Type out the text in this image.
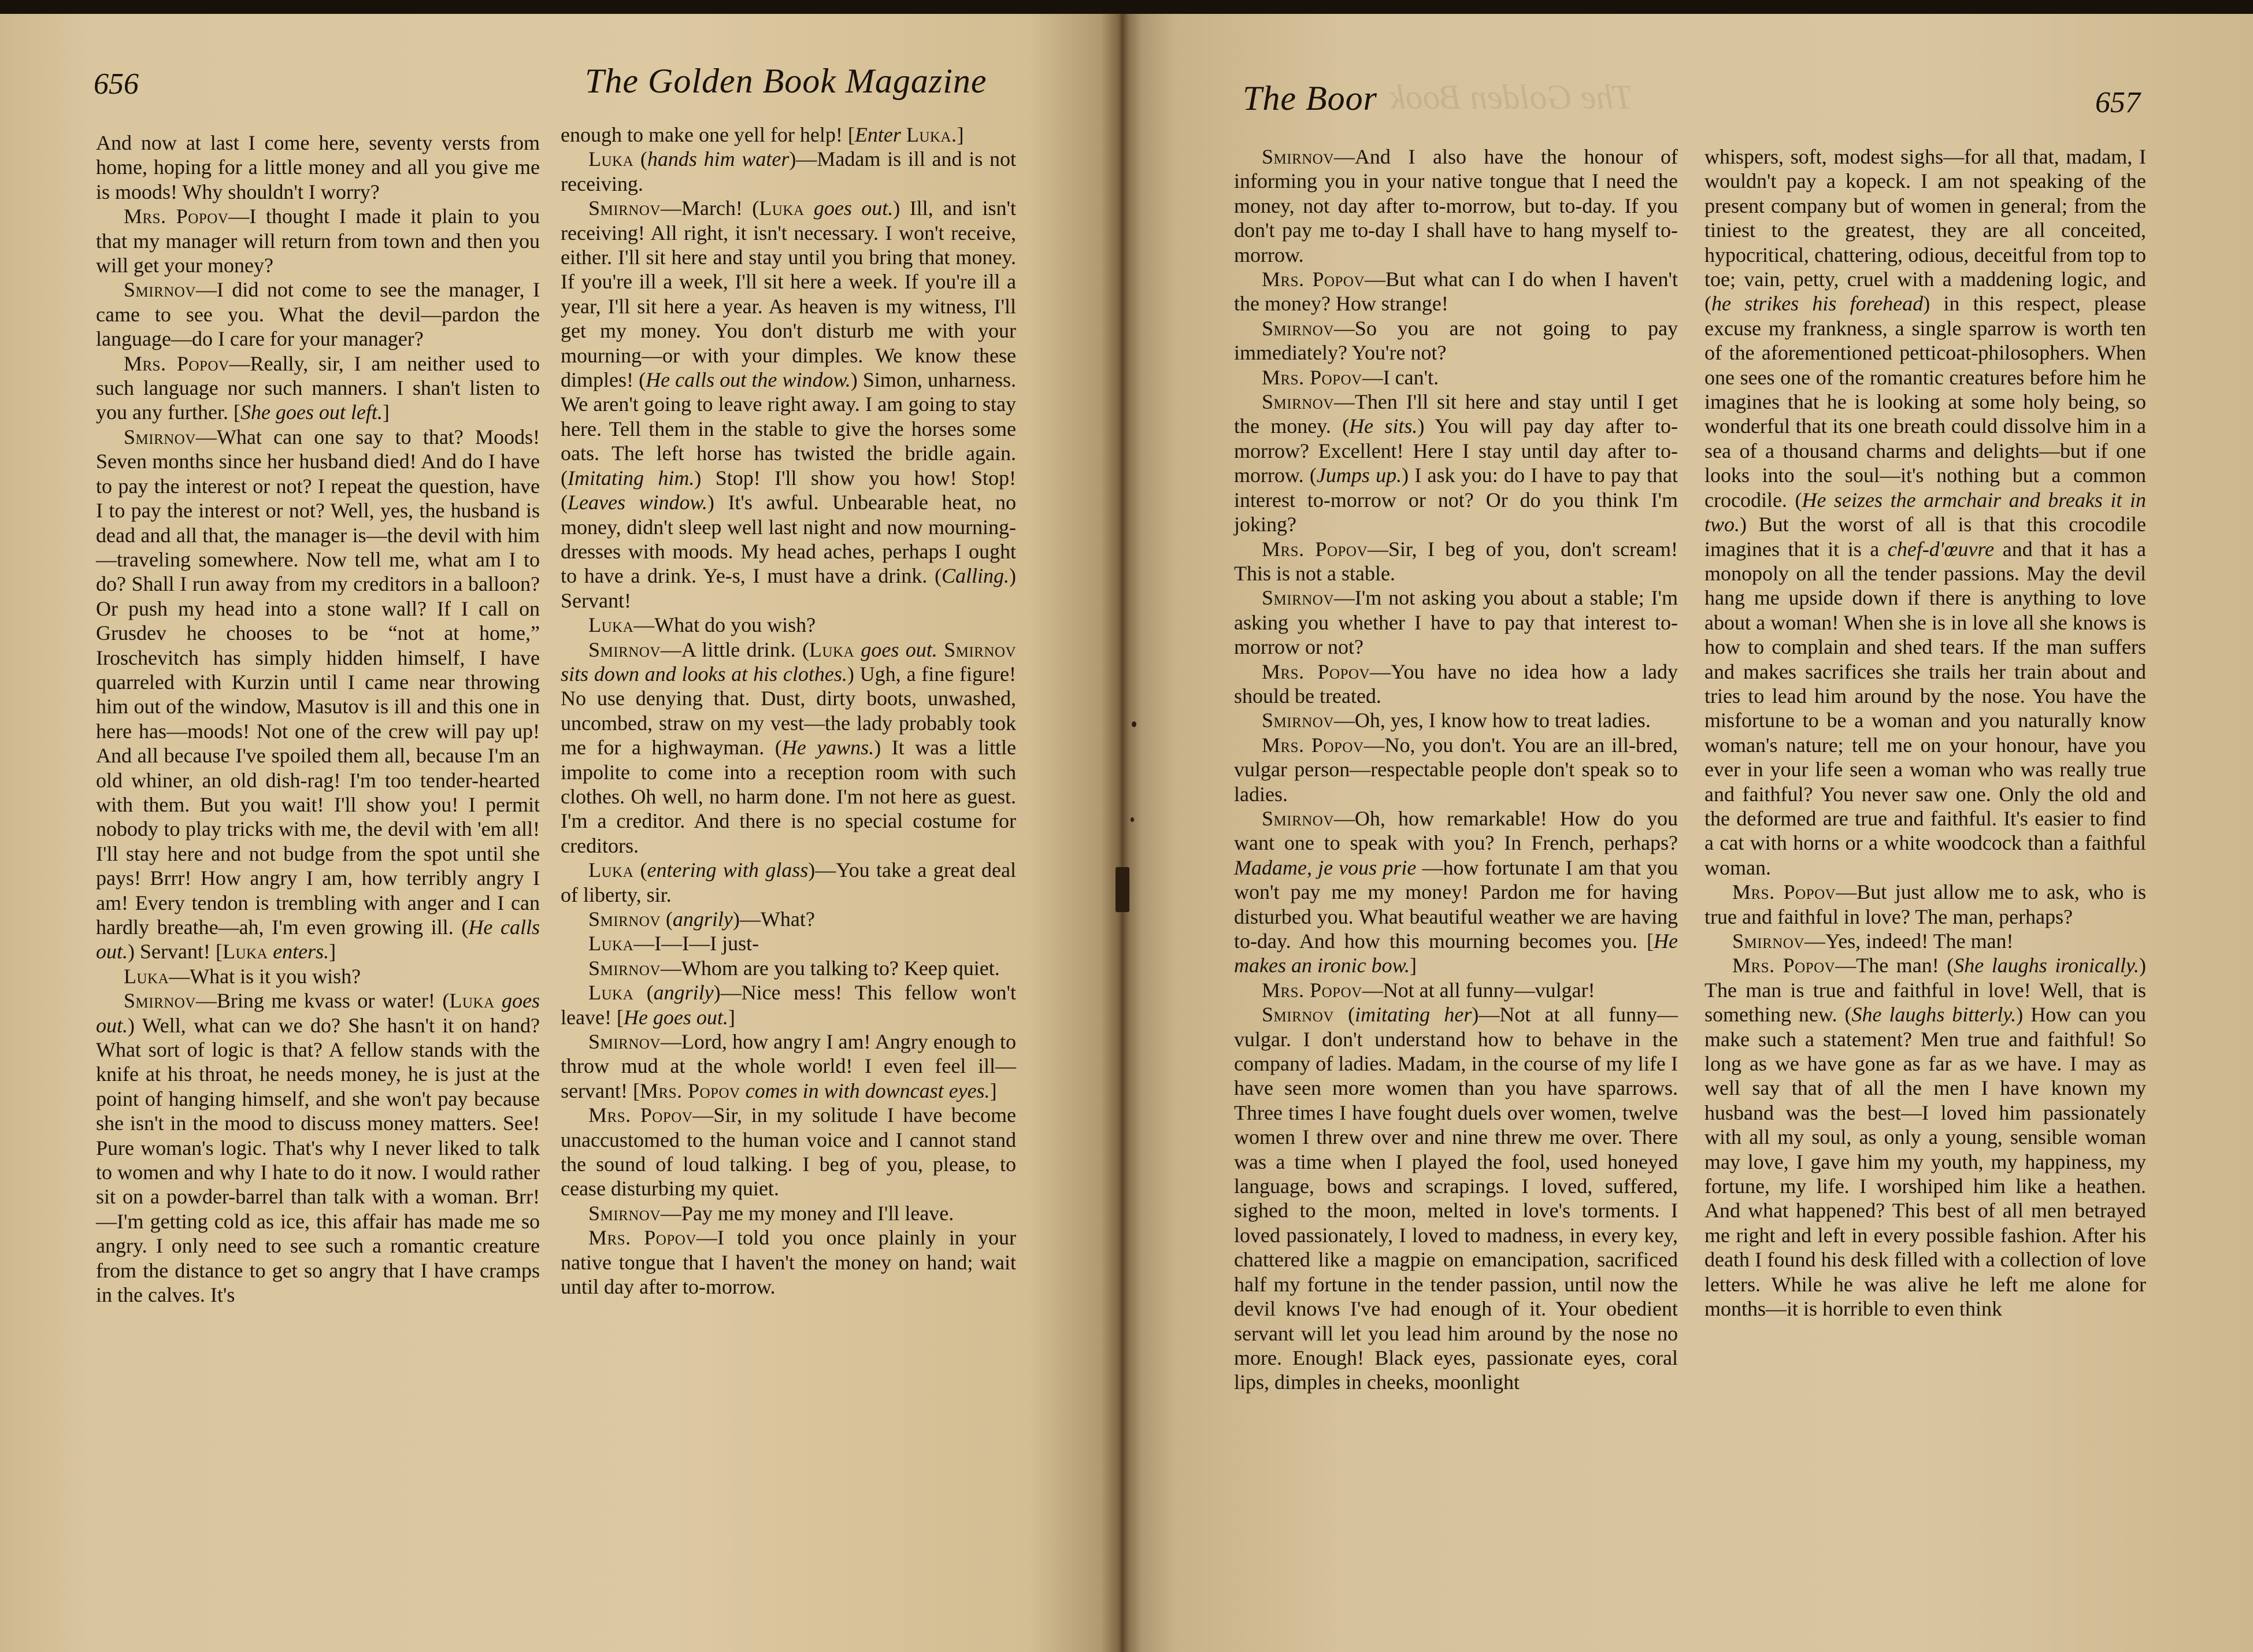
656	The Golden Book Magazine

And now at last I come here, seventy versts from home, hoping for a little money and all you give me is moods! Why shouldn't I worry?

Mrs. Popov—I thought I made it plain to you that my manager will return from town and then you will get your money?

Smirnov—I did not come to see the manager, I came to see you. What the devil—pardon the language—do I care for your manager?

Mrs. Popov—Really, sir, I am neither used to such language nor such manners. I shan't listen to you any further. [She goes out left.]

Smirnov—What can one say to that? Moods! Seven months since her husband died! And do I have to pay the interest or not? I repeat the question, have I to pay the interest or not? Well, yes, the husband is dead and all that, the manager is—the devil with him—traveling somewhere. Now tell me, what am I to do? Shall I run away from my creditors in a balloon? Or push my head into a stone wall? If I call on Grusdev he chooses to be “not at home,” Iroschevitch has simply hidden himself, I have quarreled with Kurzin until I came near throwing him out of the window, Masutov is ill and this one in here has—moods! Not one of the crew will pay up! And all because I've spoiled them all, because I'm an old whiner, an old dish-rag! I'm too tender-hearted with them. But you wait! I'll show you! I permit nobody to play tricks with me, the devil with 'em all! I'll stay here and not budge from the spot until she pays! Brrr! How angry I am, how terribly angry I am! Every tendon is trembling with anger and I can hardly breathe—ah, I'm even growing ill. (He calls out.) Servant! [Luka enters.]

Luka—What is it you wish?

Smirnov—Bring me kvass or water! (Luka goes out.) Well, what can we do? She hasn't it on hand? What sort of logic is that? A fellow stands with the knife at his throat, he needs money, he is just at the point of hanging himself, and she won't pay because she isn't in the mood to discuss money matters. See! Pure woman's logic. That's why I never liked to talk to women and why I hate to do it now. I would rather sit on a powder-barrel than talk with a woman. Brr!—I'm getting cold as ice, this affair has made me so angry. I only need to see such a romantic creature from the distance to get so angry that I have cramps in the calves. It's

enough to make one yell for help! [Enter Luka.]

Luka (hands him water)—Madam is ill and is not receiving.

Smirnov—March! (Luka goes out.) Ill, and isn't receiving! All right, it isn't necessary. I won't receive, either. I'll sit here and stay until you bring that money. If you're ill a week, I'll sit here a week. If you're ill a year, I'll sit here a year. As heaven is my witness, I'll get my money. You don't disturb me with your mourning—or with your dimples. We know these dimples! (He calls out the window.) Simon, unharness. We aren't going to leave right away. I am going to stay here. Tell them in the stable to give the horses some oats. The left horse has twisted the bridle again. (Imitating him.) Stop! I'll show you how! Stop! (Leaves window.) It's awful. Unbearable heat, no money, didn't sleep well last night and now mourning-dresses with moods. My head aches, perhaps I ought to have a drink. Ye-s, I must have a drink. (Calling.) Servant!

Luka—What do you wish?

Smirnov—A little drink. (Luka goes out. Smirnov sits down and looks at his clothes.) Ugh, a fine figure! No use denying that. Dust, dirty boots, unwashed, uncombed, straw on my vest—the lady probably took me for a highwayman. (He yawns.) It was a little impolite to come into a reception room with such clothes. Oh well, no harm done. I'm not here as guest. I'm a creditor. And there is no special costume for creditors.

Luka (entering with glass)—You take a great deal of liberty, sir.

Smirnov (angrily)—What?

Luka—I—I—I just-

Smirnov—Whom are you talking to? Keep quiet.

Luka (angrily)—Nice mess! This fellow won't leave! [He goes out.]

Smirnov—Lord, how angry I am! Angry enough to throw mud at the whole world! I even feel ill—servant! [Mrs. Popov comes in with downcast eyes.]

Mrs. Popov—Sir, in my solitude I have become unaccustomed to the human voice and I cannot stand the sound of loud talking. I beg of you, please, to cease disturbing my quiet.

Smirnov—Pay me my money and I'll leave.

Mrs. Popov—I told you once plainly in your native tongue that I haven't the money on hand; wait until day after to-morrow.

The Golden Book
The Boor	657

Smirnov—And I also have the honour of informing you in your native tongue that I need the money, not day after to-morrow, but to-day. If you don't pay me to-day I shall have to hang myself to-morrow.

Mrs. Popov—But what can I do when I haven't the money? How strange!

Smirnov—So you are not going to pay immediately? You're not?

Mrs. Popov—I can't.

Smirnov—Then I'll sit here and stay until I get the money. (He sits.) You will pay day after to-morrow? Excellent! Here I stay until day after to-morrow. (Jumps up.) I ask you: do I have to pay that interest to-morrow or not? Or do you think I'm joking?

Mrs. Popov—Sir, I beg of you, don't scream! This is not a stable.

Smirnov—I'm not asking you about a stable; I'm asking you whether I have to pay that interest to-morrow or not?

Mrs. Popov—You have no idea how a lady should be treated.

Smirnov—Oh, yes, I know how to treat ladies.

Mrs. Popov—No, you don't. You are an ill-bred, vulgar person—respectable people don't speak so to ladies.

Smirnov—Oh, how remarkable! How do you want one to speak with you? In French, perhaps? Madame, je vous prie —how fortunate I am that you won't pay me my money! Pardon me for having disturbed you. What beautiful weather we are having to-day. And how this mourning becomes you. [He makes an ironic bow.]

Mrs. Popov—Not at all funny—vulgar!

Smirnov (imitating her)—Not at all funny—vulgar. I don't understand how to behave in the company of ladies. Madam, in the course of my life I have seen more women than you have sparrows. Three times I have fought duels over women, twelve women I threw over and nine threw me over. There was a time when I played the fool, used honeyed language, bows and scrapings. I loved, suffered, sighed to the moon, melted in love's torments. I loved passionately, I loved to madness, in every key, chattered like a magpie on emancipation, sacrificed half my fortune in the tender passion, until now the devil knows I've had enough of it. Your obedient servant will let you lead him around by the nose no more. Enough! Black eyes, passionate eyes, coral lips, dimples in cheeks, moonlight

whispers, soft, modest sighs—for all that, madam, I wouldn't pay a kopeck. I am not speaking of the present company but of women in general; from the tiniest to the greatest, they are all conceited, hypocritical, chattering, odious, deceitful from top to toe; vain, petty, cruel with a maddening logic, and (he strikes his forehead) in this respect, please excuse my frankness, a single sparrow is worth ten of the aforementioned petticoat-philosophers. When one sees one of the romantic creatures before him he imagines that he is looking at some holy being, so wonderful that its one breath could dissolve him in a sea of a thousand charms and delights—but if one looks into the soul—it's nothing but a common crocodile. (He seizes the armchair and breaks it in two.) But the worst of all is that this crocodile imagines that it is a chef-d'œuvre and that it has a monopoly on all the tender passions. May the devil hang me upside down if there is anything to love about a woman! When she is in love all she knows is how to complain and shed tears. If the man suffers and makes sacrifices she trails her train about and tries to lead him around by the nose. You have the misfortune to be a woman and you naturally know woman's nature; tell me on your honour, have you ever in your life seen a woman who was really true and faithful? You never saw one. Only the old and the deformed are true and faithful. It's easier to find a cat with horns or a white woodcock than a faithful woman.

Mrs. Popov—But just allow me to ask, who is true and faithful in love? The man, perhaps?

Smirnov—Yes, indeed! The man!

Mrs. Popov—The man! (She laughs ironically.) The man is true and faithful in love! Well, that is something new. (She laughs bitterly.) How can you make such a statement? Men true and faithful! So long as we have gone as far as we have. I may as well say that of all the men I have known my husband was the best—I loved him passionately with all my soul, as only a young, sensible woman may love, I gave him my youth, my happiness, my fortune, my life. I worshiped him like a heathen. And what happened? This best of all men betrayed me right and left in every possible fashion. After his death I found his desk filled with a collection of love letters. While he was alive he left me alone for months—it is horrible to even think
